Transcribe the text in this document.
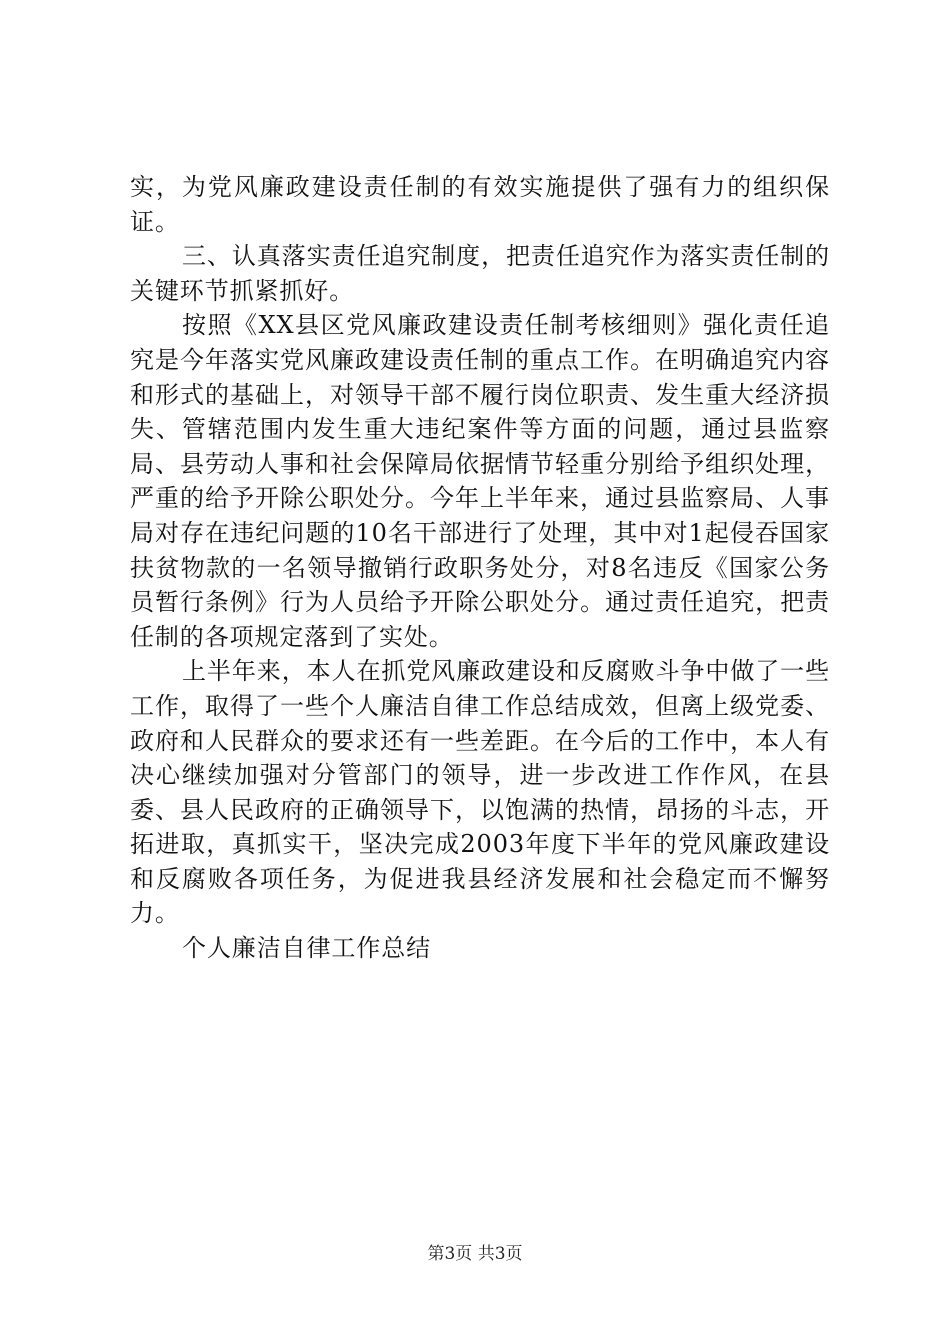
实，为党风廉政建设责任制的有效实施提供了强有力的组织保证。

三、认真落实责任追究制度，把责任追究作为落实责任制的关键环节抓紧抓好。

按照《XX县区党风廉政建设责任制考核细则》强化责任追究是今年落实党风廉政建设责任制的重点工作。在明确追究内容和形式的基础上，对领导干部不履行岗位职责、发生重大经济损失、管辖范围内发生重大违纪案件等方面的问题，通过县监察局、县劳动人事和社会保障局依据情节轻重分别给予组织处理，严重的给予开除公职处分。今年上半年来，通过县监察局、人事局对存在违纪问题的10名干部进行了处理，其中对1起侵吞国家扶贫物款的一名领导撤销行政职务处分，对8名违反《国家公务员暂行条例》行为人员给予开除公职处分。通过责任追究，把责任制的各项规定落到了实处。

上半年来，本人在抓党风廉政建设和反腐败斗争中做了一些工作，取得了一些个人廉洁自律工作总结成效，但离上级党委、政府和人民群众的要求还有一些差距。在今后的工作中，本人有决心继续加强对分管部门的领导，进一步改进工作作风，在县委、县人民政府的正确领导下，以饱满的热情，昂扬的斗志，开拓进取，真抓实干，坚决完成2003年度下半年的党风廉政建设和反腐败各项任务，为促进我县经济发展和社会稳定而不懈努力。

个人廉洁自律工作总结

第3页 共3页
